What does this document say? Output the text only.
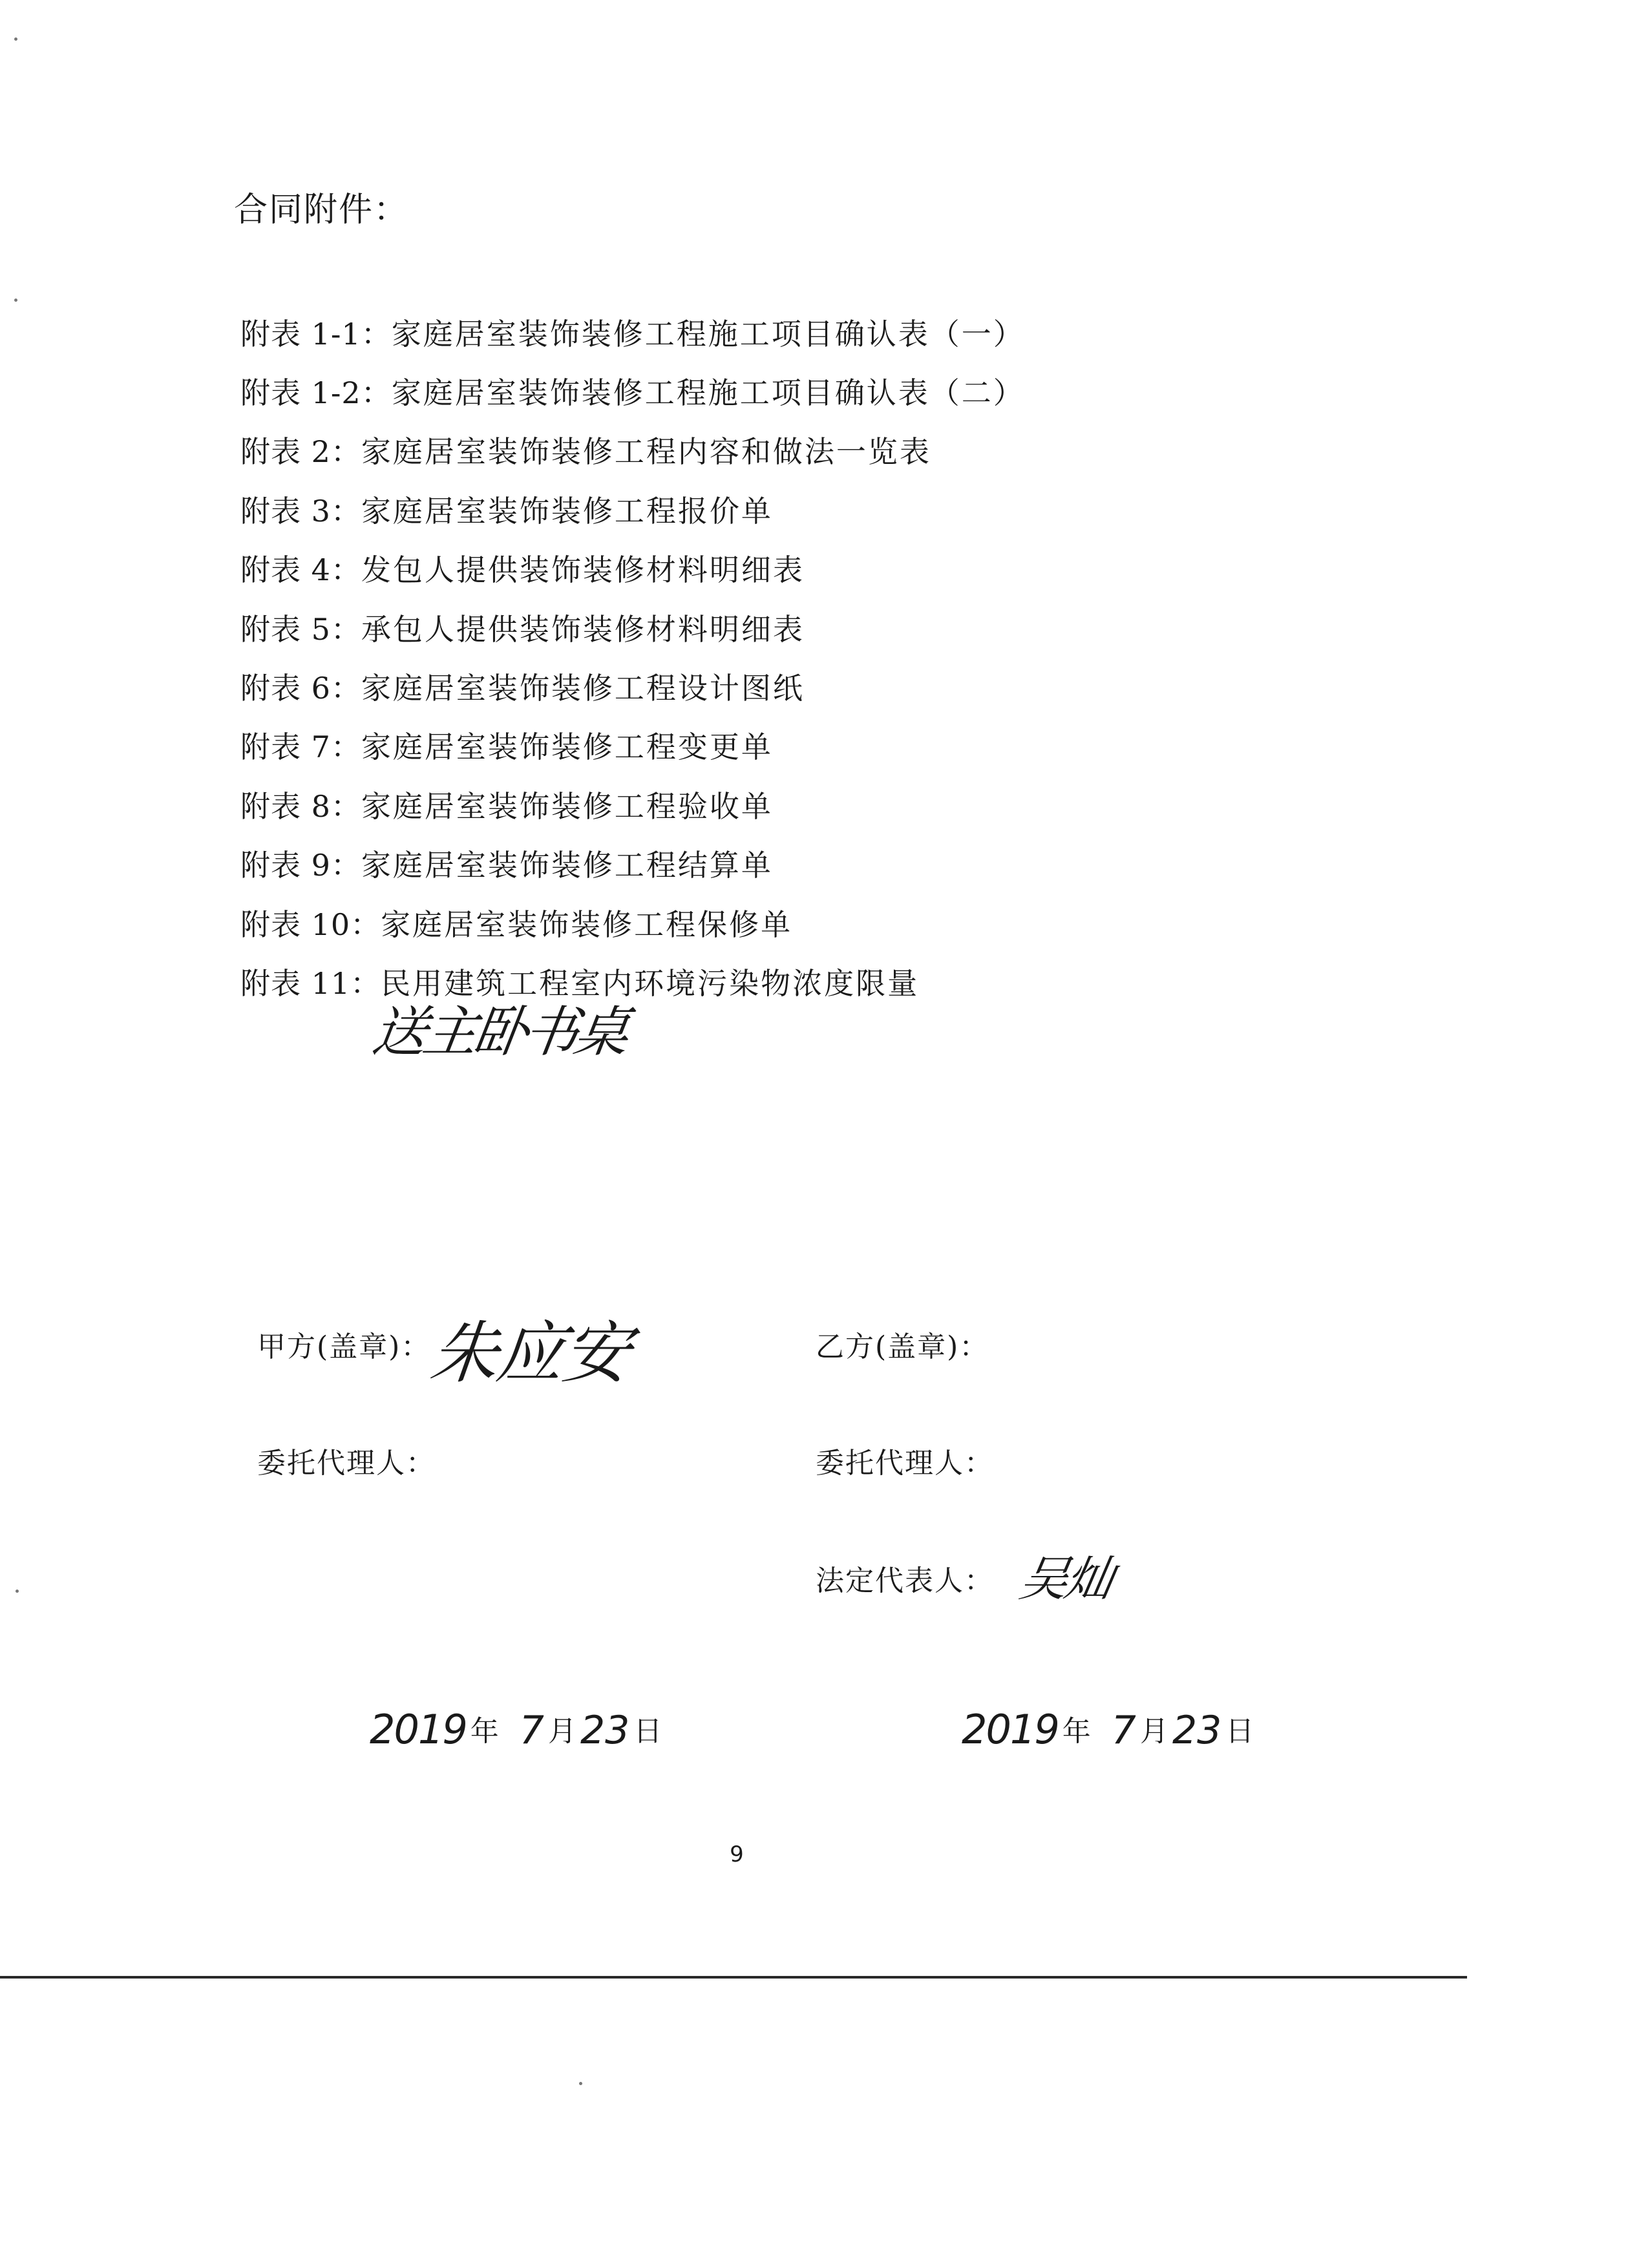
合同附件：
附表 1-1： 家庭居室装饰装修工程施工项目确认表（一）
附表 1-2： 家庭居室装饰装修工程施工项目确认表（二）
附表 2： 家庭居室装饰装修工程内容和做法一览表
附表 3： 家庭居室装饰装修工程报价单
附表 4： 发包人提供装饰装修材料明细表
附表 5： 承包人提供装饰装修材料明细表
附表 6： 家庭居室装饰装修工程设计图纸
附表 7： 家庭居室装饰装修工程变更单
附表 8： 家庭居室装饰装修工程验收单
附表 9： 家庭居室装饰装修工程结算单
附表 10： 家庭居室装饰装修工程保修单
附表 11： 民用建筑工程室内环境污染物浓度限量
送主卧书桌
甲方(盖章)：
朱应安
委托代理人：
乙方(盖章)：
委托代理人：
法定代表人： 吴灿
2019 年 7 月 23 日	2019 年 7 月 23 日
9
